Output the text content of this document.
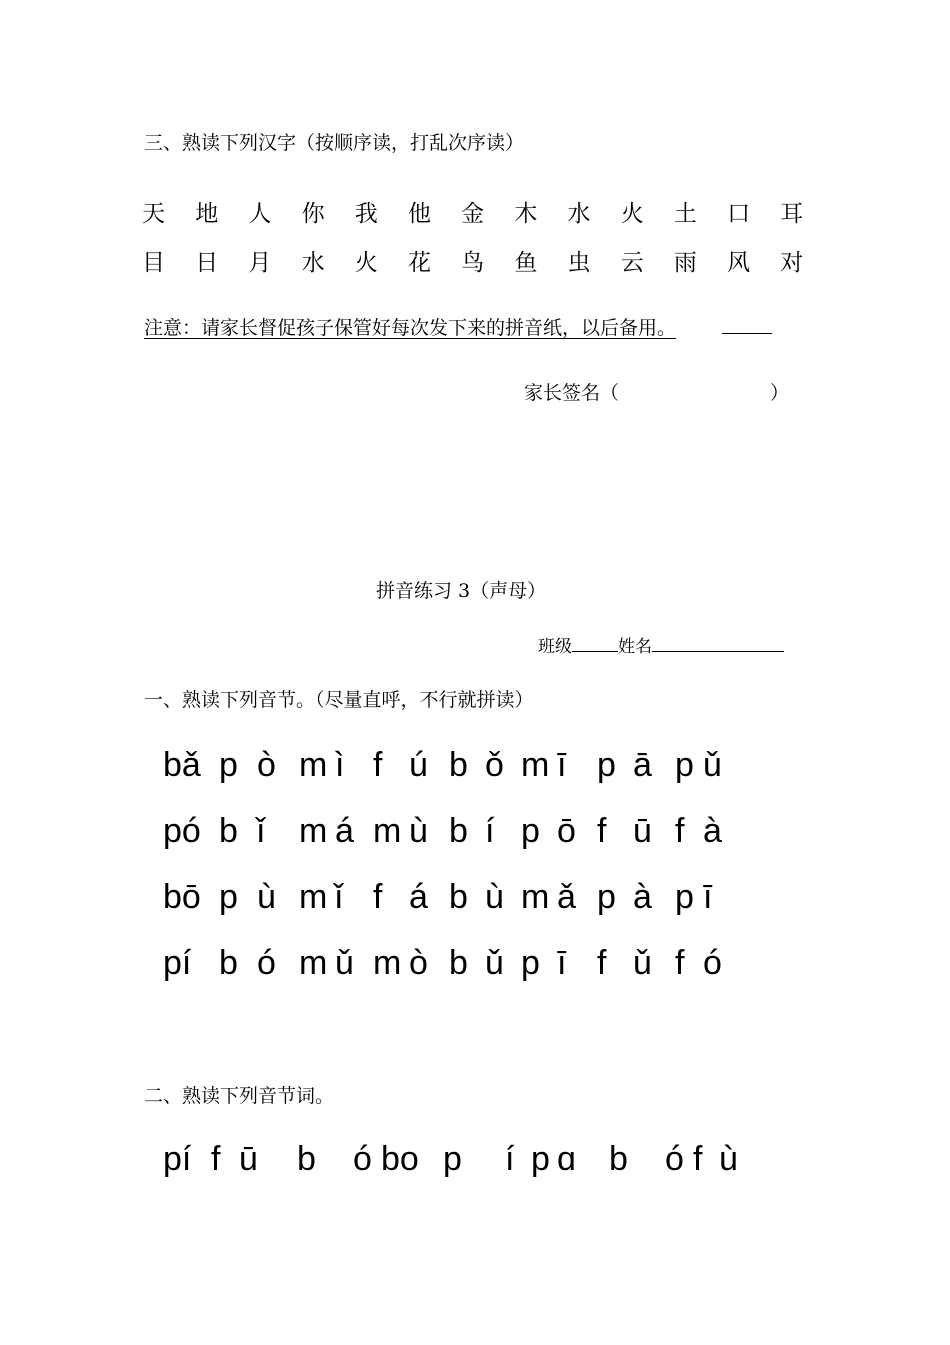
三、熟读下列汉字（按顺序读，打乱次序读）
天	地	人	你	我	他	金	木	水	火	土	口	耳
目	日	月	水	火	花	鸟	鱼	虫	云	雨	风	对
注意：请家长督促孩子保管好每次发下来的拼音纸，以后备用。
家长签名（	）
拼音练习 3（声母）
班级	姓名
一、熟读下列音节。（尽量直呼，不行就拼读）
bǎ p ò m ì f ú b ǒ m ī p ā p ǔ
pó b ǐ	m á m ù b í p ō f ū f à
bō p ù m ǐ f á b ù m ǎ p à p ī
pí b ó m ǔ m ò b ǔ p ī f ǔ f ó
二、熟读下列音节词。
pí f ū	b	ó bo p	í p ɑ b	ó f ù
